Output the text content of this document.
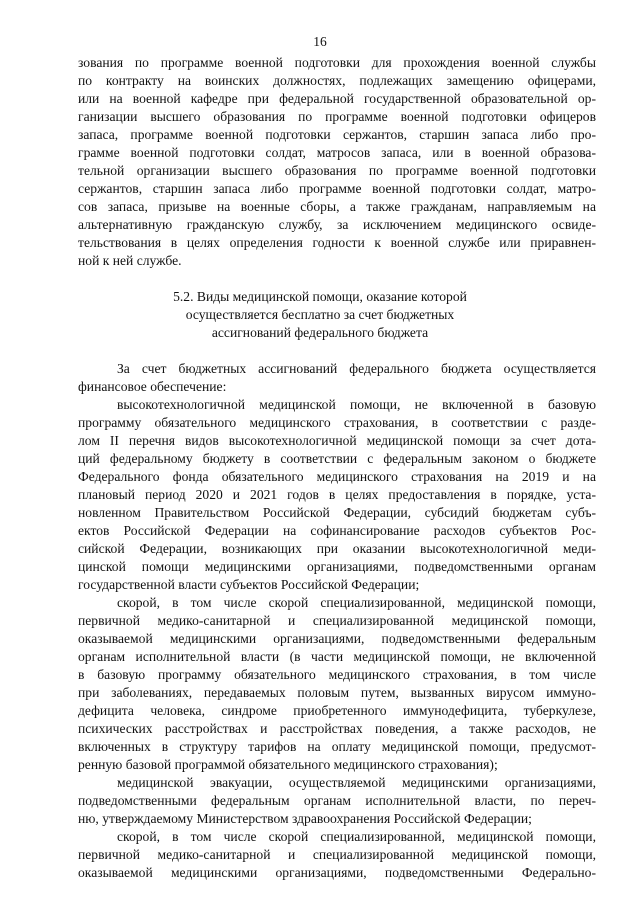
16
зования по программе военной подготовки для прохождения военной службы
по контракту на воинских должностях, подлежащих замещению офицерами,
или на военной кафедре при федеральной государственной образовательной ор-
ганизации высшего образования по программе военной подготовки офицеров
запаса, программе военной подготовки сержантов, старшин запаса либо про-
грамме военной подготовки солдат, матросов запаса, или в военной образова-
тельной организации высшего образования по программе военной подготовки
сержантов, старшин запаса либо программе военной подготовки солдат, матро-
сов запаса, призыве на военные сборы, а также гражданам, направляемым на
альтернативную гражданскую службу, за исключением медицинского освиде-
тельствования в целях определения годности к военной службе или приравнен-
ной к ней службе.
5.2. Виды медицинской помощи, оказание которой
осуществляется бесплатно за счет бюджетных
ассигнований федерального бюджета
За счет бюджетных ассигнований федерального бюджета осуществляется
финансовое обеспечение:
высокотехнологичной медицинской помощи, не включенной в базовую
программу обязательного медицинского страхования, в соответствии с разде-
лом II перечня видов высокотехнологичной медицинской помощи за счет дота-
ций федеральному бюджету в соответствии с федеральным законом о бюджете
Федерального фонда обязательного медицинского страхования на 2019 и на
плановый период 2020 и 2021 годов в целях предоставления в порядке, уста-
новленном Правительством Российской Федерации, субсидий бюджетам субъ-
ектов Российской Федерации на софинансирование расходов субъектов Рос-
сийской Федерации, возникающих при оказании высокотехнологичной меди-
цинской помощи медицинскими организациями, подведомственными органам
государственной власти субъектов Российской Федерации;
скорой, в том числе скорой специализированной, медицинской помощи,
первичной медико-санитарной и специализированной медицинской помощи,
оказываемой медицинскими организациями, подведомственными федеральным
органам исполнительной власти (в части медицинской помощи, не включенной
в базовую программу обязательного медицинского страхования, в том числе
при заболеваниях, передаваемых половым путем, вызванных вирусом иммуно-
дефицита человека, синдроме приобретенного иммунодефицита, туберкулезе,
психических расстройствах и расстройствах поведения, а также расходов, не
включенных в структуру тарифов на оплату медицинской помощи, предусмот-
ренную базовой программой обязательного медицинского страхования);
медицинской эвакуации, осуществляемой медицинскими организациями,
подведомственными федеральным органам исполнительной власти, по переч-
ню, утверждаемому Министерством здравоохранения Российской Федерации;
скорой, в том числе скорой специализированной, медицинской помощи,
первичной медико-санитарной и специализированной медицинской помощи,
оказываемой медицинскими организациями, подведомственными Федерально-
